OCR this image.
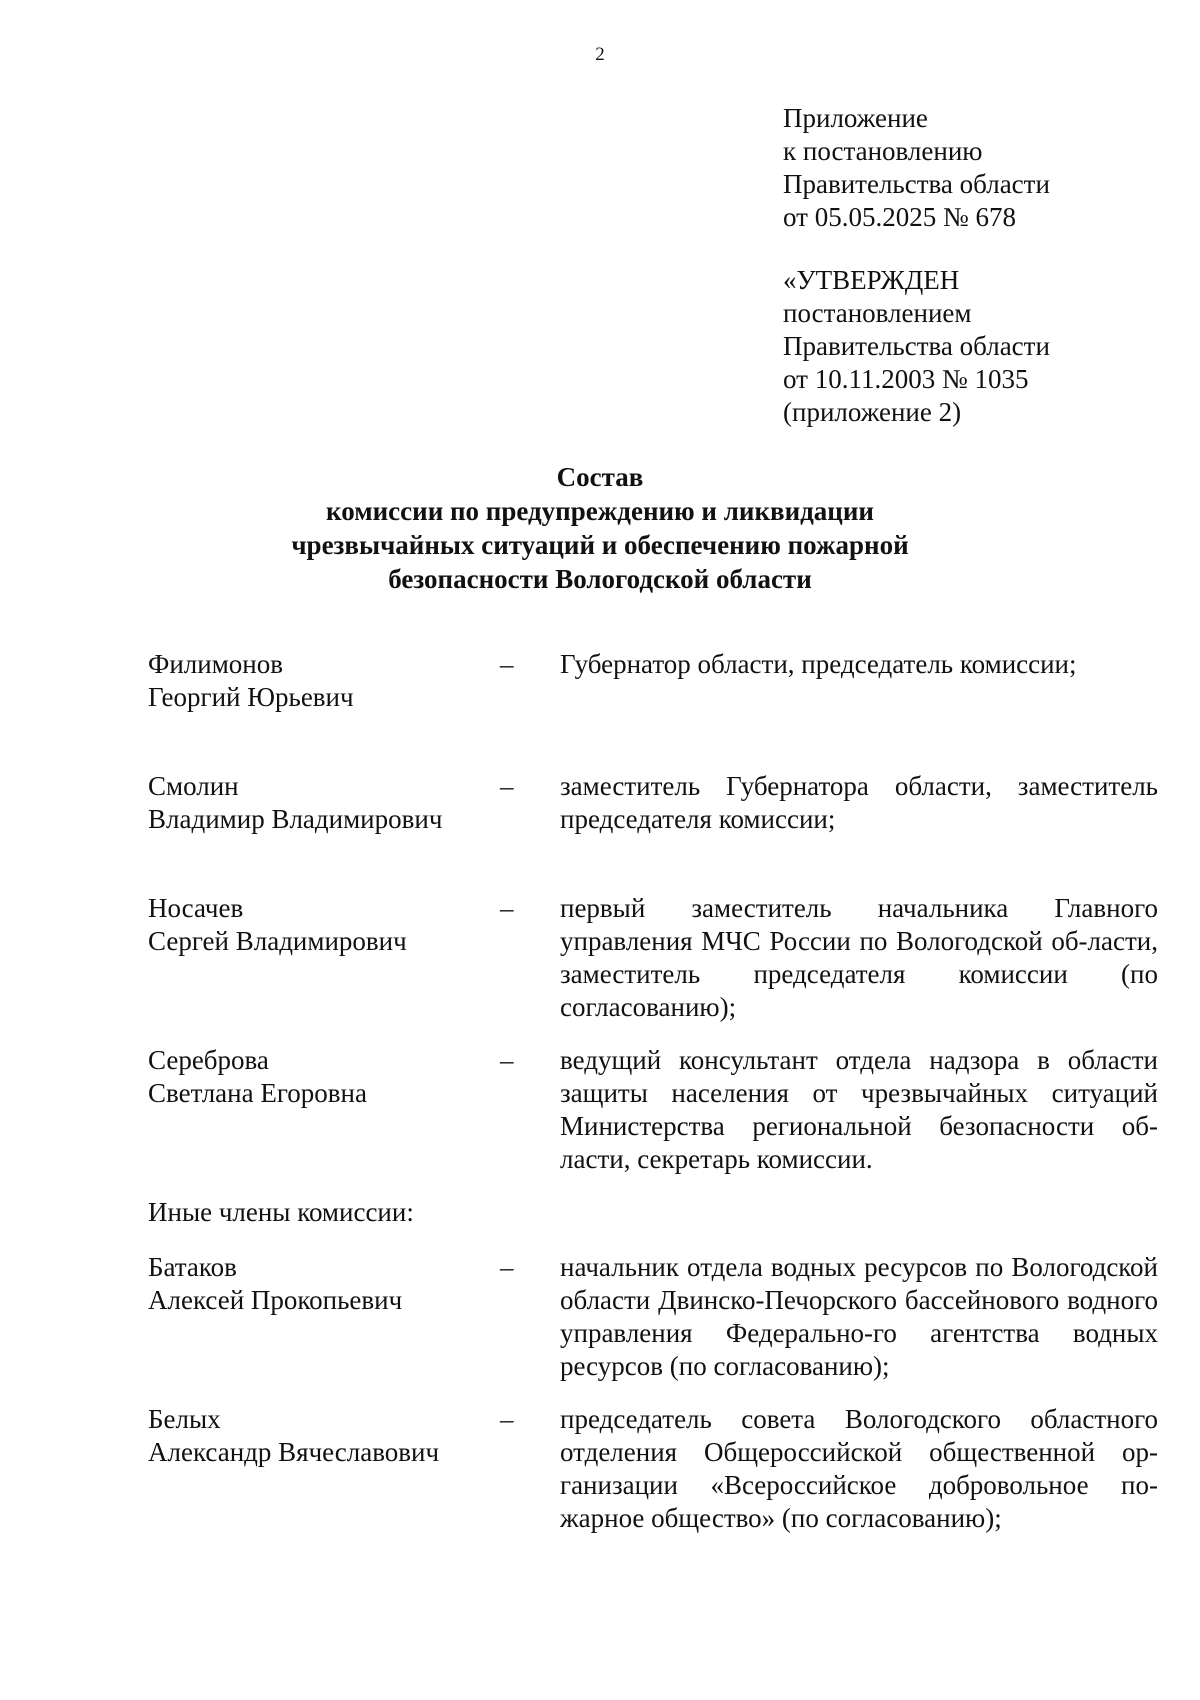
2
Приложение
к постановлению
Правительства области
от 05.05.2025 № 678
«УТВЕРЖДЕН
постановлением
Правительства области
от 10.11.2003 № 1035
(приложение 2)
Состав
комиссии по предупреждению и ликвидации
чрезвычайных ситуаций и обеспечению пожарной
безопасности Вологодской области
Филимонов
Георгий Юрьевич
–	Губернатор области, председатель комиссии;
Смолин
Владимир Владимирович
–	заместитель Губернатора области, заместитель председателя комиссии;
Носачев
Сергей Владимирович
–	первый заместитель начальника Главного управления МЧС России по Вологодской об-ласти, заместитель председателя комиссии (по согласованию);
Сереброва
Светлана Егоровна
–	ведущий консультант отдела надзора в области защиты населения от чрезвычайных ситуаций Министерства региональной безопасности об-ласти, секретарь комиссии.
Иные члены комиссии:
Батаков
Алексей Прокопьевич
–	начальник отдела водных ресурсов по Вологодской области Двинско-Печорского бассейнового водного управления Федерально-го агентства водных ресурсов (по согласованию);
Белых
Александр Вячеславович
–	председатель совета Вологодского областного отделения Общероссийской общественной ор-ганизации «Всероссийское добровольное по-жарное общество» (по согласованию);
